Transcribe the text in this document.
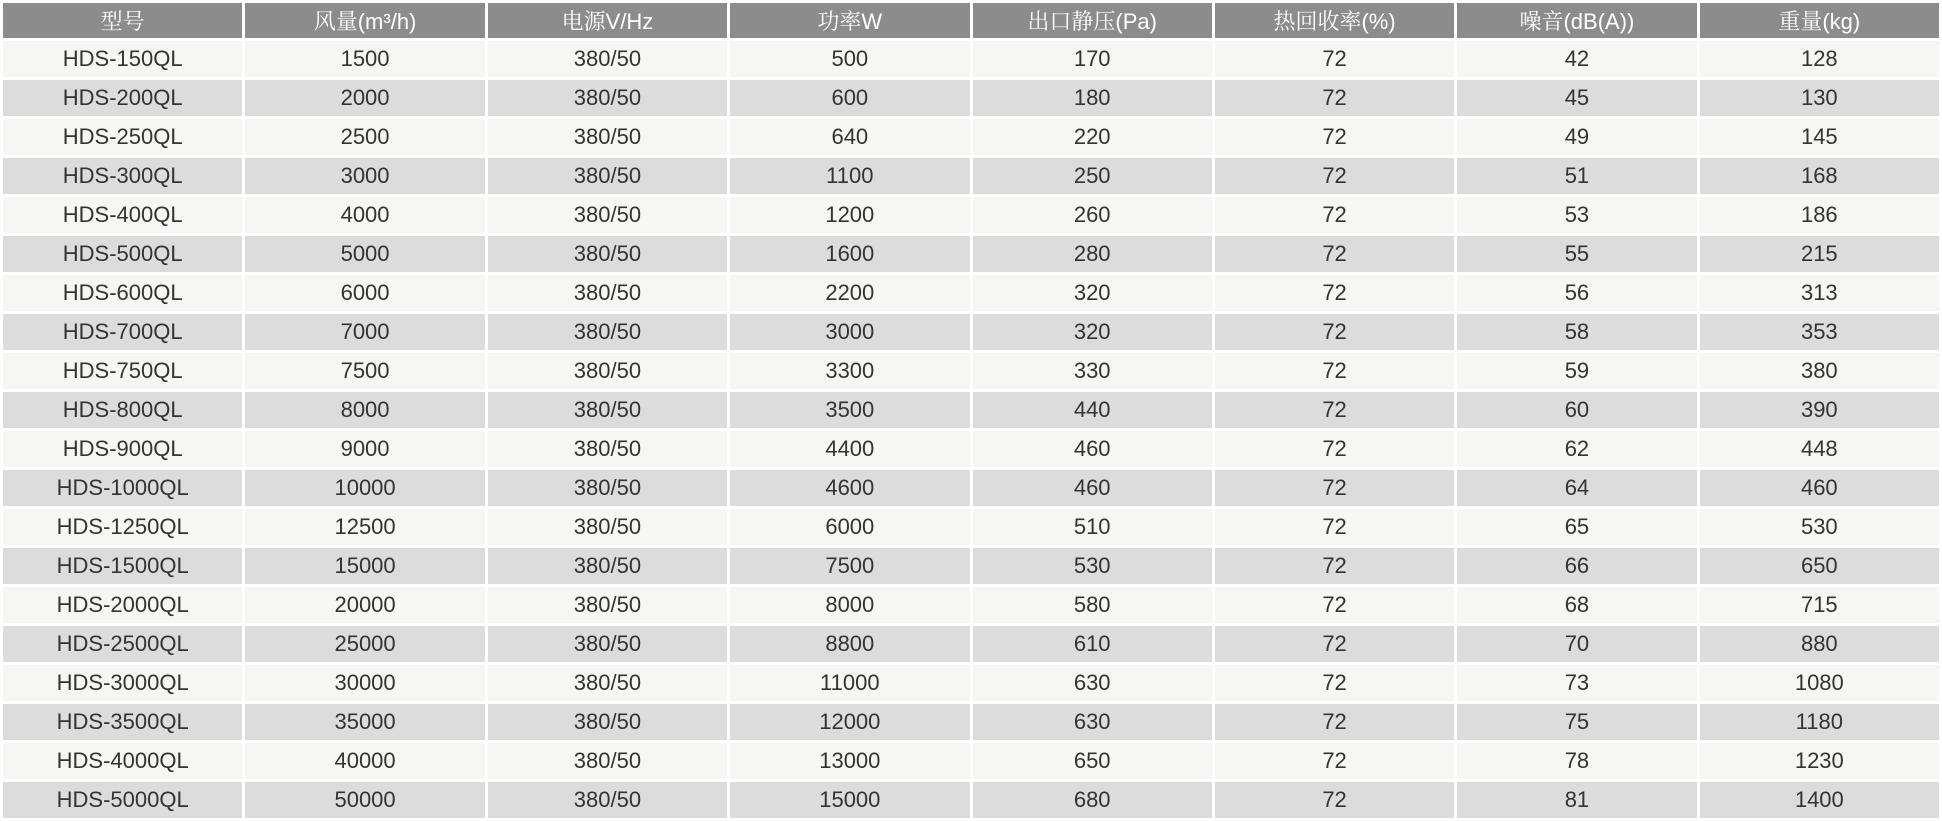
型号	风量(m³/h)	电源V/Hz	功率W	出口静压(Pa)	热回收率(%)	噪音(dB(A))	重量(kg)
HDS-150QL	1500	380/50	500	170	72	42	128
HDS-200QL	2000	380/50	600	180	72	45	130
HDS-250QL	2500	380/50	640	220	72	49	145
HDS-300QL	3000	380/50	1100	250	72	51	168
HDS-400QL	4000	380/50	1200	260	72	53	186
HDS-500QL	5000	380/50	1600	280	72	55	215
HDS-600QL	6000	380/50	2200	320	72	56	313
HDS-700QL	7000	380/50	3000	320	72	58	353
HDS-750QL	7500	380/50	3300	330	72	59	380
HDS-800QL	8000	380/50	3500	440	72	60	390
HDS-900QL	9000	380/50	4400	460	72	62	448
HDS-1000QL	10000	380/50	4600	460	72	64	460
HDS-1250QL	12500	380/50	6000	510	72	65	530
HDS-1500QL	15000	380/50	7500	530	72	66	650
HDS-2000QL	20000	380/50	8000	580	72	68	715
HDS-2500QL	25000	380/50	8800	610	72	70	880
HDS-3000QL	30000	380/50	11000	630	72	73	1080
HDS-3500QL	35000	380/50	12000	630	72	75	1180
HDS-4000QL	40000	380/50	13000	650	72	78	1230
HDS-5000QL	50000	380/50	15000	680	72	81	1400
